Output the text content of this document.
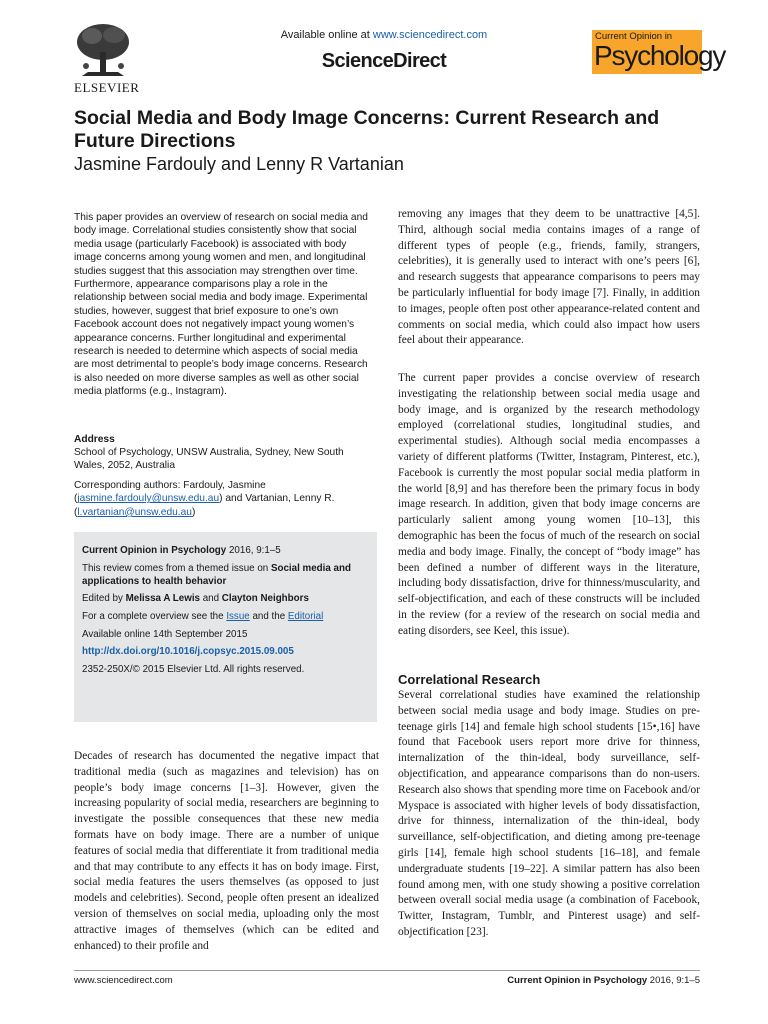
ELSEVIER
Available online at www.sciencedirect.com
ScienceDirect
Current Opinion in
Psychology
Social Media and Body Image Concerns: Current Research and Future Directions
Jasmine Fardouly and Lenny R Vartanian
This paper provides an overview of research on social media and body image. Correlational studies consistently show that social media usage (particularly Facebook) is associated with body image concerns among young women and men, and longitudinal studies suggest that this association may strengthen over time. Furthermore, appearance comparisons play a role in the relationship between social media and body image. Experimental studies, however, suggest that brief exposure to one’s own Facebook account does not negatively impact young women’s appearance concerns. Further longitudinal and experimental research is needed to determine which aspects of social media are most detrimental to people’s body image concerns. Research is also needed on more diverse samples as well as other social media platforms (e.g., Instagram).
Address
School of Psychology, UNSW Australia, Sydney, New South Wales, 2052, Australia
Corresponding authors: Fardouly, Jasmine (jasmine.fardouly@unsw.edu.au) and Vartanian, Lenny R. (l.vartanian@unsw.edu.au)
Current Opinion in Psychology 2016, 9:1–5
This review comes from a themed issue on Social media and applications to health behavior
Edited by Melissa A Lewis and Clayton Neighbors
For a complete overview see the Issue and the Editorial
Available online 14th September 2015
http://dx.doi.org/10.1016/j.copsyc.2015.09.005
2352-250X/© 2015 Elsevier Ltd. All rights reserved.
Decades of research has documented the negative impact that traditional media (such as magazines and television) has on people’s body image concerns [1–3]. However, given the increasing popularity of social media, researchers are beginning to investigate the possible consequences that these new media formats have on body image. There are a number of unique features of social media that differentiate it from traditional media and that may contribute to any effects it has on body image. First, social media features the users themselves (as opposed to just models and celebrities). Second, people often present an idealized version of themselves on social media, uploading only the most attractive images of themselves (which can be edited and enhanced) to their profile and
removing any images that they deem to be unattractive [4,5]. Third, although social media contains images of a range of different types of people (e.g., friends, family, strangers, celebrities), it is generally used to interact with one’s peers [6], and research suggests that appearance comparisons to peers may be particularly influential for body image [7]. Finally, in addition to images, people often post other appearance-related content and comments on social media, which could also impact how users feel about their appearance.
The current paper provides a concise overview of research investigating the relationship between social media usage and body image, and is organized by the research methodology employed (correlational studies, longitudinal studies, and experimental studies). Although social media encompasses a variety of different platforms (Twitter, Instagram, Pinterest, etc.), Facebook is currently the most popular social media platform in the world [8,9] and has therefore been the primary focus in body image research. In addition, given that body image concerns are particularly salient among young women [10–13], this demographic has been the focus of much of the research on social media and body image. Finally, the concept of “body image” has been defined a number of different ways in the literature, including body dissatisfaction, drive for thinness/muscularity, and self-objectification, and each of these constructs will be included in the review (for a review of the research on social media and eating disorders, see Keel, this issue).
Correlational Research
Several correlational studies have examined the relationship between social media usage and body image. Studies on pre-teenage girls [14] and female high school students [15•,16] have found that Facebook users report more drive for thinness, internalization of the thin-ideal, body surveillance, self-objectification, and appearance comparisons than do non-users. Research also shows that spending more time on Facebook and/or Myspace is associated with higher levels of body dissatisfaction, drive for thinness, internalization of the thin-ideal, body surveillance, self-objectification, and dieting among pre-teenage girls [14], female high school students [16–18], and female undergraduate students [19–22]. A similar pattern has also been found among men, with one study showing a positive correlation between overall social media usage (a combination of Facebook, Twitter, Instagram, Tumblr, and Pinterest usage) and self-objectification [23].
www.sciencedirect.com	Current Opinion in Psychology 2016, 9:1–5
